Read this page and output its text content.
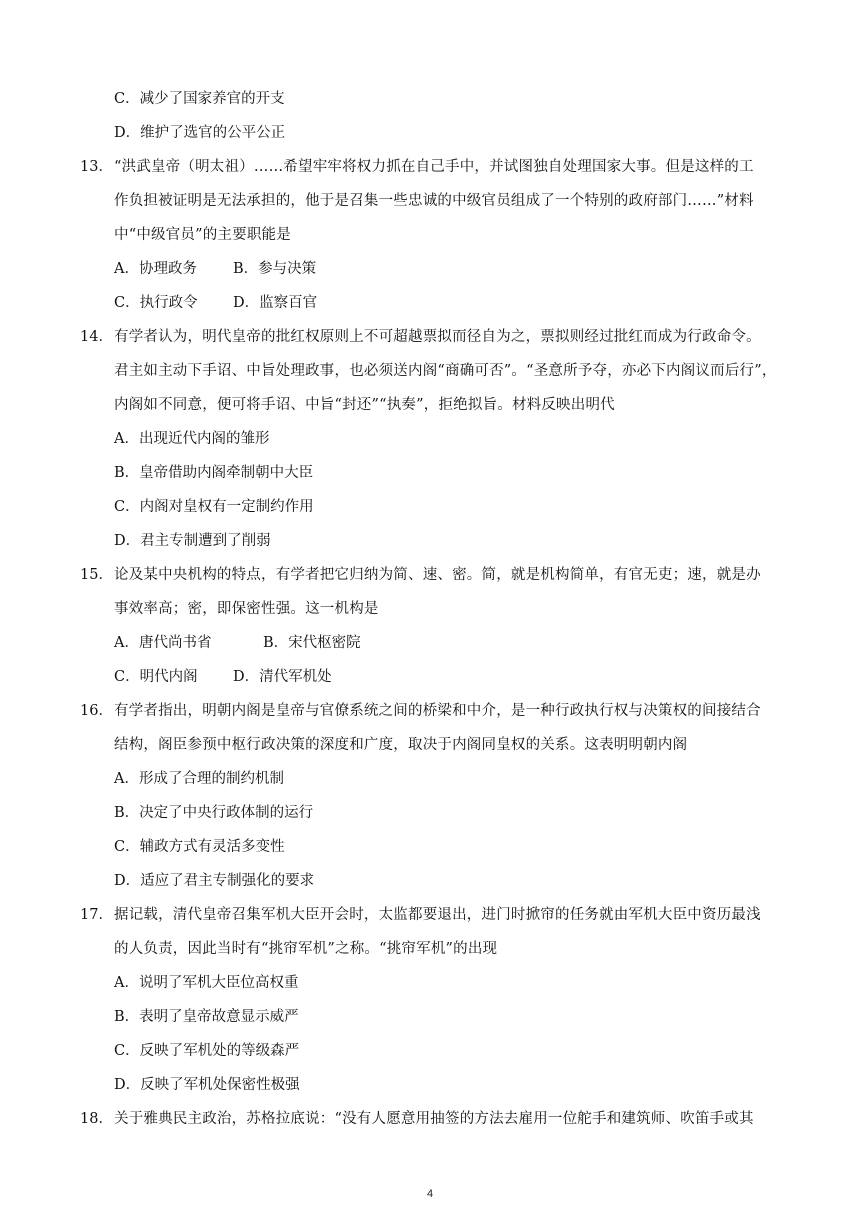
C．减少了国家养官的开支
D．维护了选官的公平公正
13． “洪武皇帝（明太祖）……希望牢牢将权力抓在自己手中，并试图独自处理国家大事。但是这样的工
作负担被证明是无法承担的，他于是召集一些忠诚的中级官员组成了一个特别的政府部门……”材料
中“中级官员”的主要职能是
A．协理政务 B．参与决策
C．执行政令 D．监察百官
14． 有学者认为，明代皇帝的批红权原则上不可超越票拟而径自为之，票拟则经过批红而成为行政命令。
君主如主动下手诏、中旨处理政事，也必须送内阁“商确可否”。“圣意所予夺，亦必下内阁议而后行”，
内阁如不同意，便可将手诏、中旨“封还”“执奏”，拒绝拟旨。材料反映出明代
A．出现近代内阁的雏形
B．皇帝借助内阁牵制朝中大臣
C．内阁对皇权有一定制约作用
D．君主专制遭到了削弱
15． 论及某中央机构的特点，有学者把它归纳为简、速、密。简，就是机构简单，有官无吏；速，就是办
事效率高；密，即保密性强。这一机构是
A．唐代尚书省	B．宋代枢密院
C．明代内阁 D．清代军机处
16． 有学者指出，明朝内阁是皇帝与官僚系统之间的桥梁和中介，是一种行政执行权与决策权的间接结合
结构，阁臣参预中枢行政决策的深度和广度，取决于内阁同皇权的关系。这表明明朝内阁
A．形成了合理的制约机制
B．决定了中央行政体制的运行
C．辅政方式有灵活多变性
D．适应了君主专制强化的要求
17． 据记载，清代皇帝召集军机大臣开会时，太监都要退出，进门时掀帘的任务就由军机大臣中资历最浅
的人负责，因此当时有“挑帘军机”之称。“挑帘军机”的出现
A．说明了军机大臣位高权重
B．表明了皇帝故意显示威严
C．反映了军机处的等级森严
D．反映了军机处保密性极强
18． 关于雅典民主政治，苏格拉底说：“没有人愿意用抽签的方法去雇用一位舵手和建筑师、吹笛手或其
4
